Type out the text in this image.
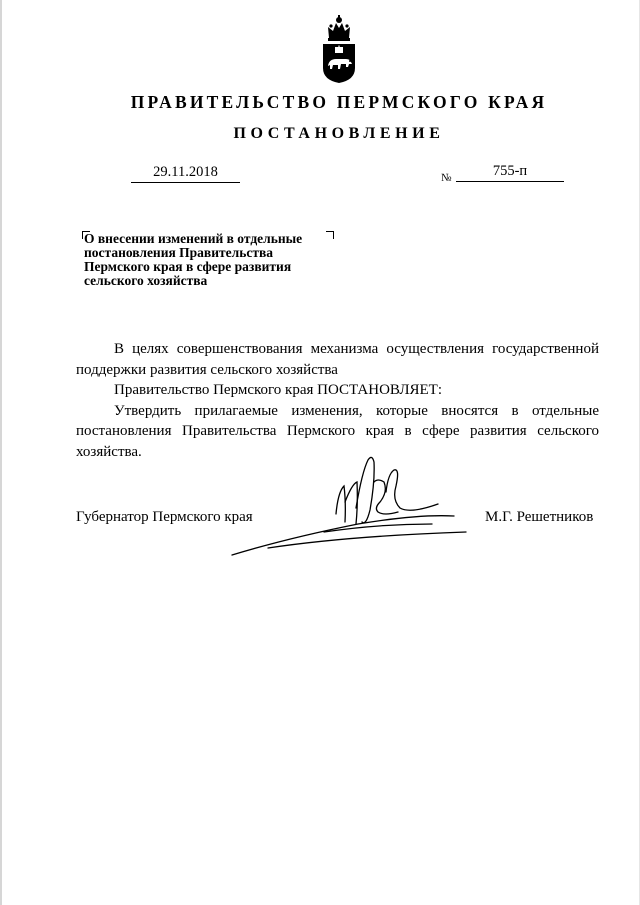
ПРАВИТЕЛЬСТВО ПЕРМСКОГО КРАЯ
ПОСТАНОВЛЕНИЕ
29.11.2018	№	755-п
О внесении изменений в отдельные
постановления Правительства
Пермского края в сфере развития
сельского хозяйства

В целях совершенствования механизма осуществления государственной поддержки развития сельского хозяйства

Правительство Пермского края ПОСТАНОВЛЯЕТ:

Утвердить прилагаемые изменения, которые вносятся в отдельные постановления Правительства Пермского края в сфере развития сельского хозяйства.

Губернатор Пермского края	М.Г. Решетников
